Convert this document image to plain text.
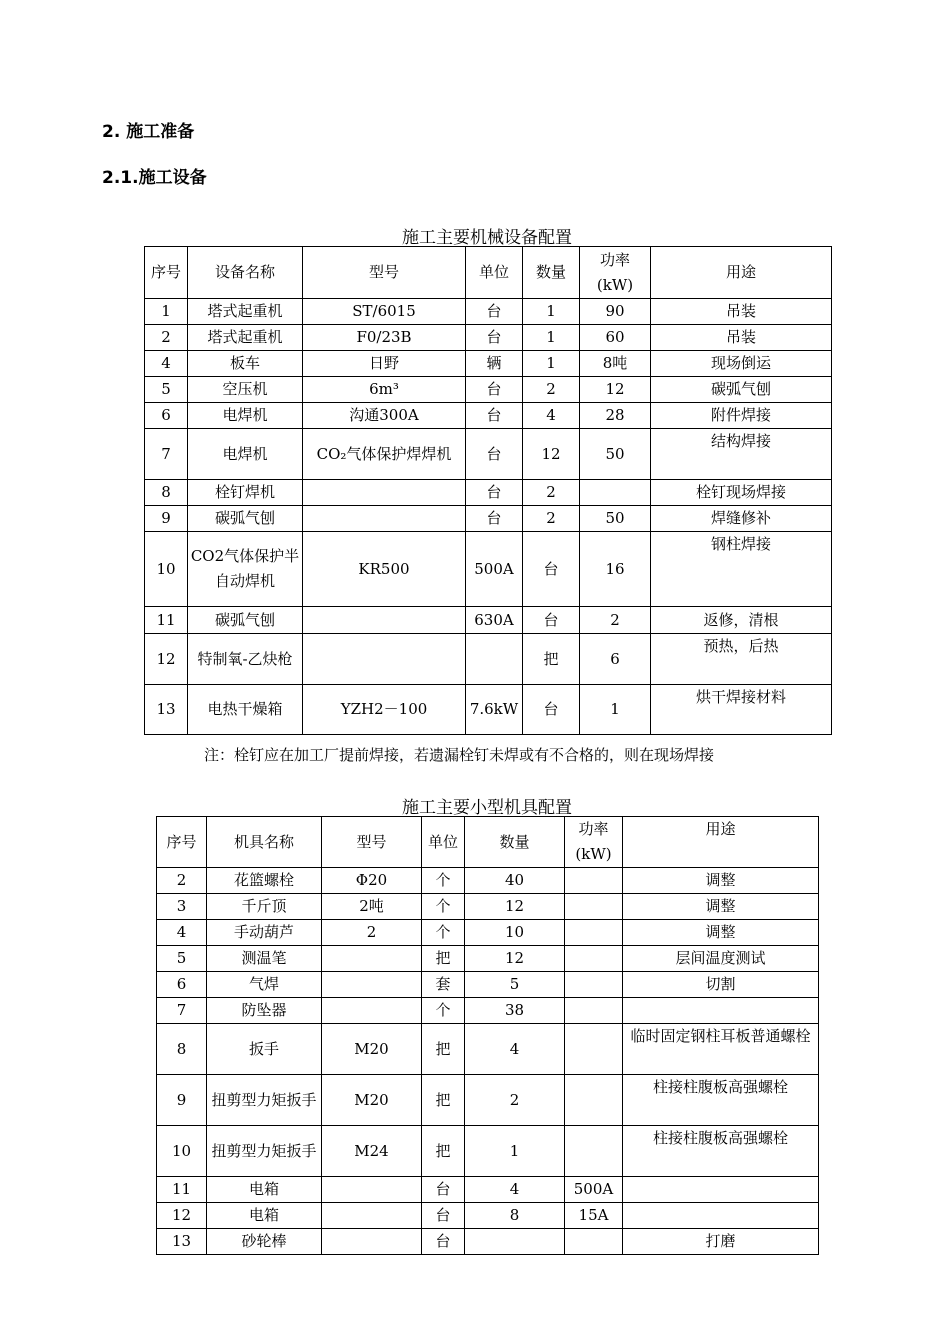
2. 施工准备
2.1.施工设备
施工主要机械设备配置
序号	设备名称	型号	单位	数量	功率(kW)	用途
1	塔式起重机	ST/6015	台	1	90	吊装
2	塔式起重机	F0/23B	台	1	60	吊装
4	板车	日野	辆	1	8吨	现场倒运
5	空压机	6m³	台	2	12	碳弧气刨
6	电焊机	沟通300A	台	4	28	附件焊接
7	电焊机	CO₂气体保护焊焊机	台	12	50	结构焊接
8	栓钉焊机		台	2		栓钉现场焊接
9	碳弧气刨		台	2	50	焊缝修补
10	CO2气体保护半自动焊机	KR500	500A	台	16	钢柱焊接
11	碳弧气刨		630A	台	2	返修，清根
12	特制氧-乙炔枪			把	6	预热，后热
13	电热干燥箱	YZH2－100	7.6kW	台	1	烘干焊接材料
注：栓钉应在加工厂提前焊接，若遗漏栓钉未焊或有不合格的，则在现场焊接
施工主要小型机具配置
序号	机具名称	型号	单位	数量	功率(kW)	用途
2	花篮螺栓	Φ20	个	40		调整
3	千斤顶	2吨	个	12		调整
4	手动葫芦	2	个	10		调整
5	测温笔		把	12		层间温度测试
6	气焊		套	5		切割
7	防坠器		个	38		
8	扳手	M20	把	4		临时固定钢柱耳板普通螺栓
9	扭剪型力矩扳手	M20	把	2		柱接柱腹板高强螺栓
10	扭剪型力矩扳手	M24	把	1		柱接柱腹板高强螺栓
11	电箱		台	4	500A	
12	电箱		台	8	15A	
13	砂轮棒		台			打磨
